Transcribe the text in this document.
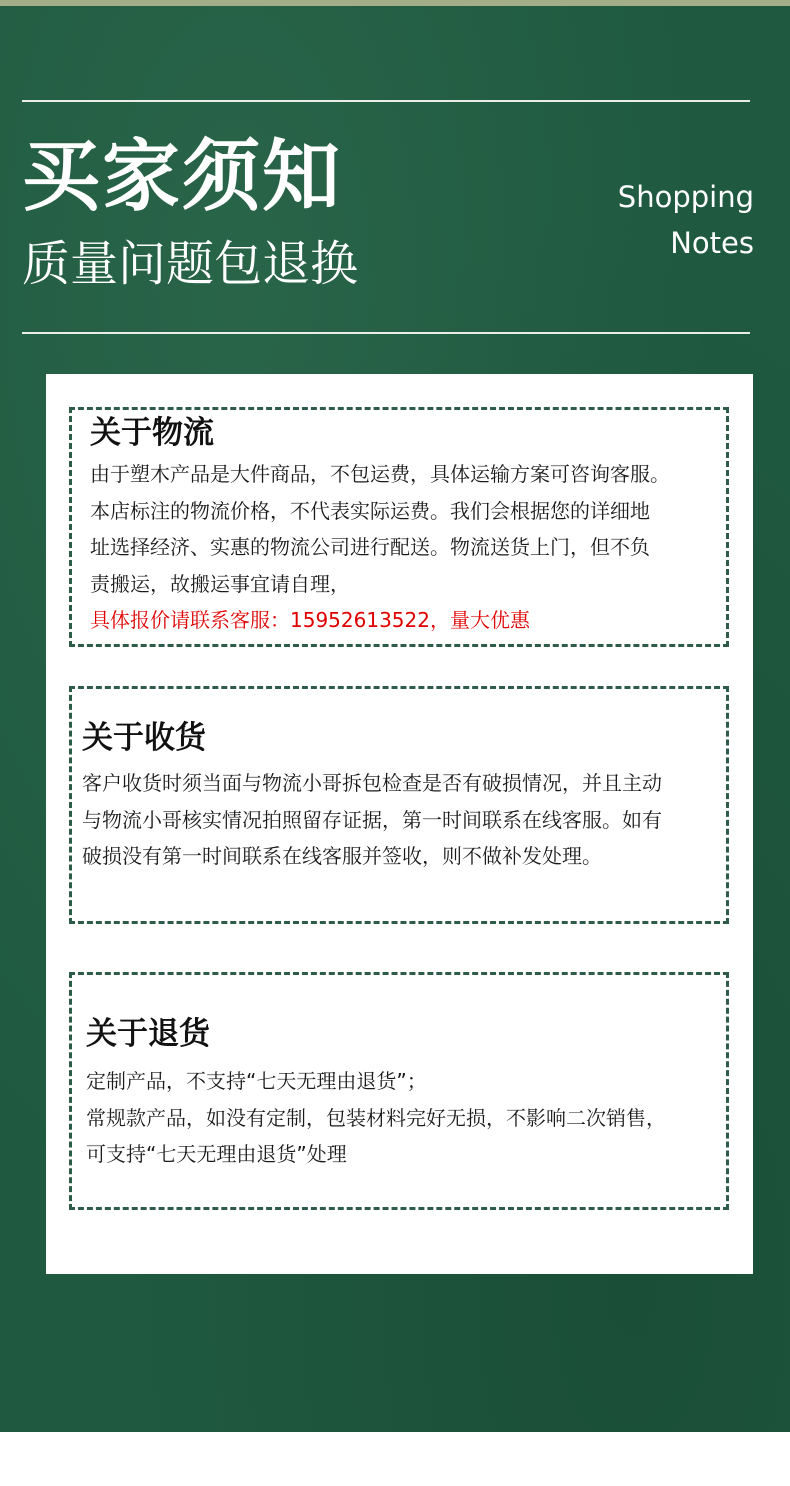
买家须知
质量问题包退换
Shopping
Notes
关于物流
由于塑木产品是大件商品，不包运费，具体运输方案可咨询客服。
本店标注的物流价格，不代表实际运费。我们会根据您的详细地
址选择经济、实惠的物流公司进行配送。物流送货上门，但不负
责搬运，故搬运事宜请自理，
具体报价请联系客服：15952613522，量大优惠
关于收货
客户收货时须当面与物流小哥拆包检查是否有破损情况，并且主动
与物流小哥核实情况拍照留存证据，第一时间联系在线客服。如有
破损没有第一时间联系在线客服并签收，则不做补发处理。
关于退货
定制产品，不支持“七天无理由退货”；
常规款产品，如没有定制，包装材料完好无损，不影响二次销售，
可支持“七天无理由退货”处理
